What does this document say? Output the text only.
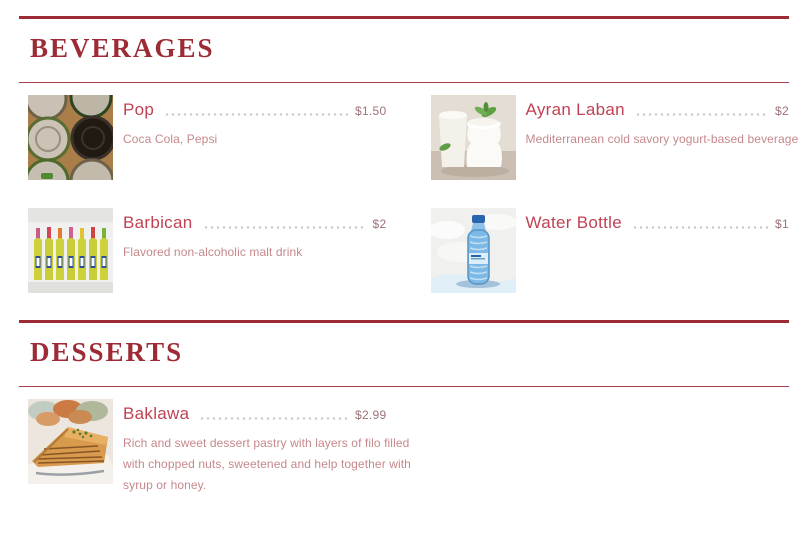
BEVERAGES
Pop	$1.50

Coca Cola, Pepsi

Ayran Laban	$2

Mediterranean cold savory yogurt-based beverage

Barbican	$2

Flavored non-alcoholic malt drink

Water Bottle	$1
DESSERTS
Baklawa	$2.99

Rich and sweet dessert pastry with layers of filo filled with chopped nuts, sweetened and help together with syrup or honey.
